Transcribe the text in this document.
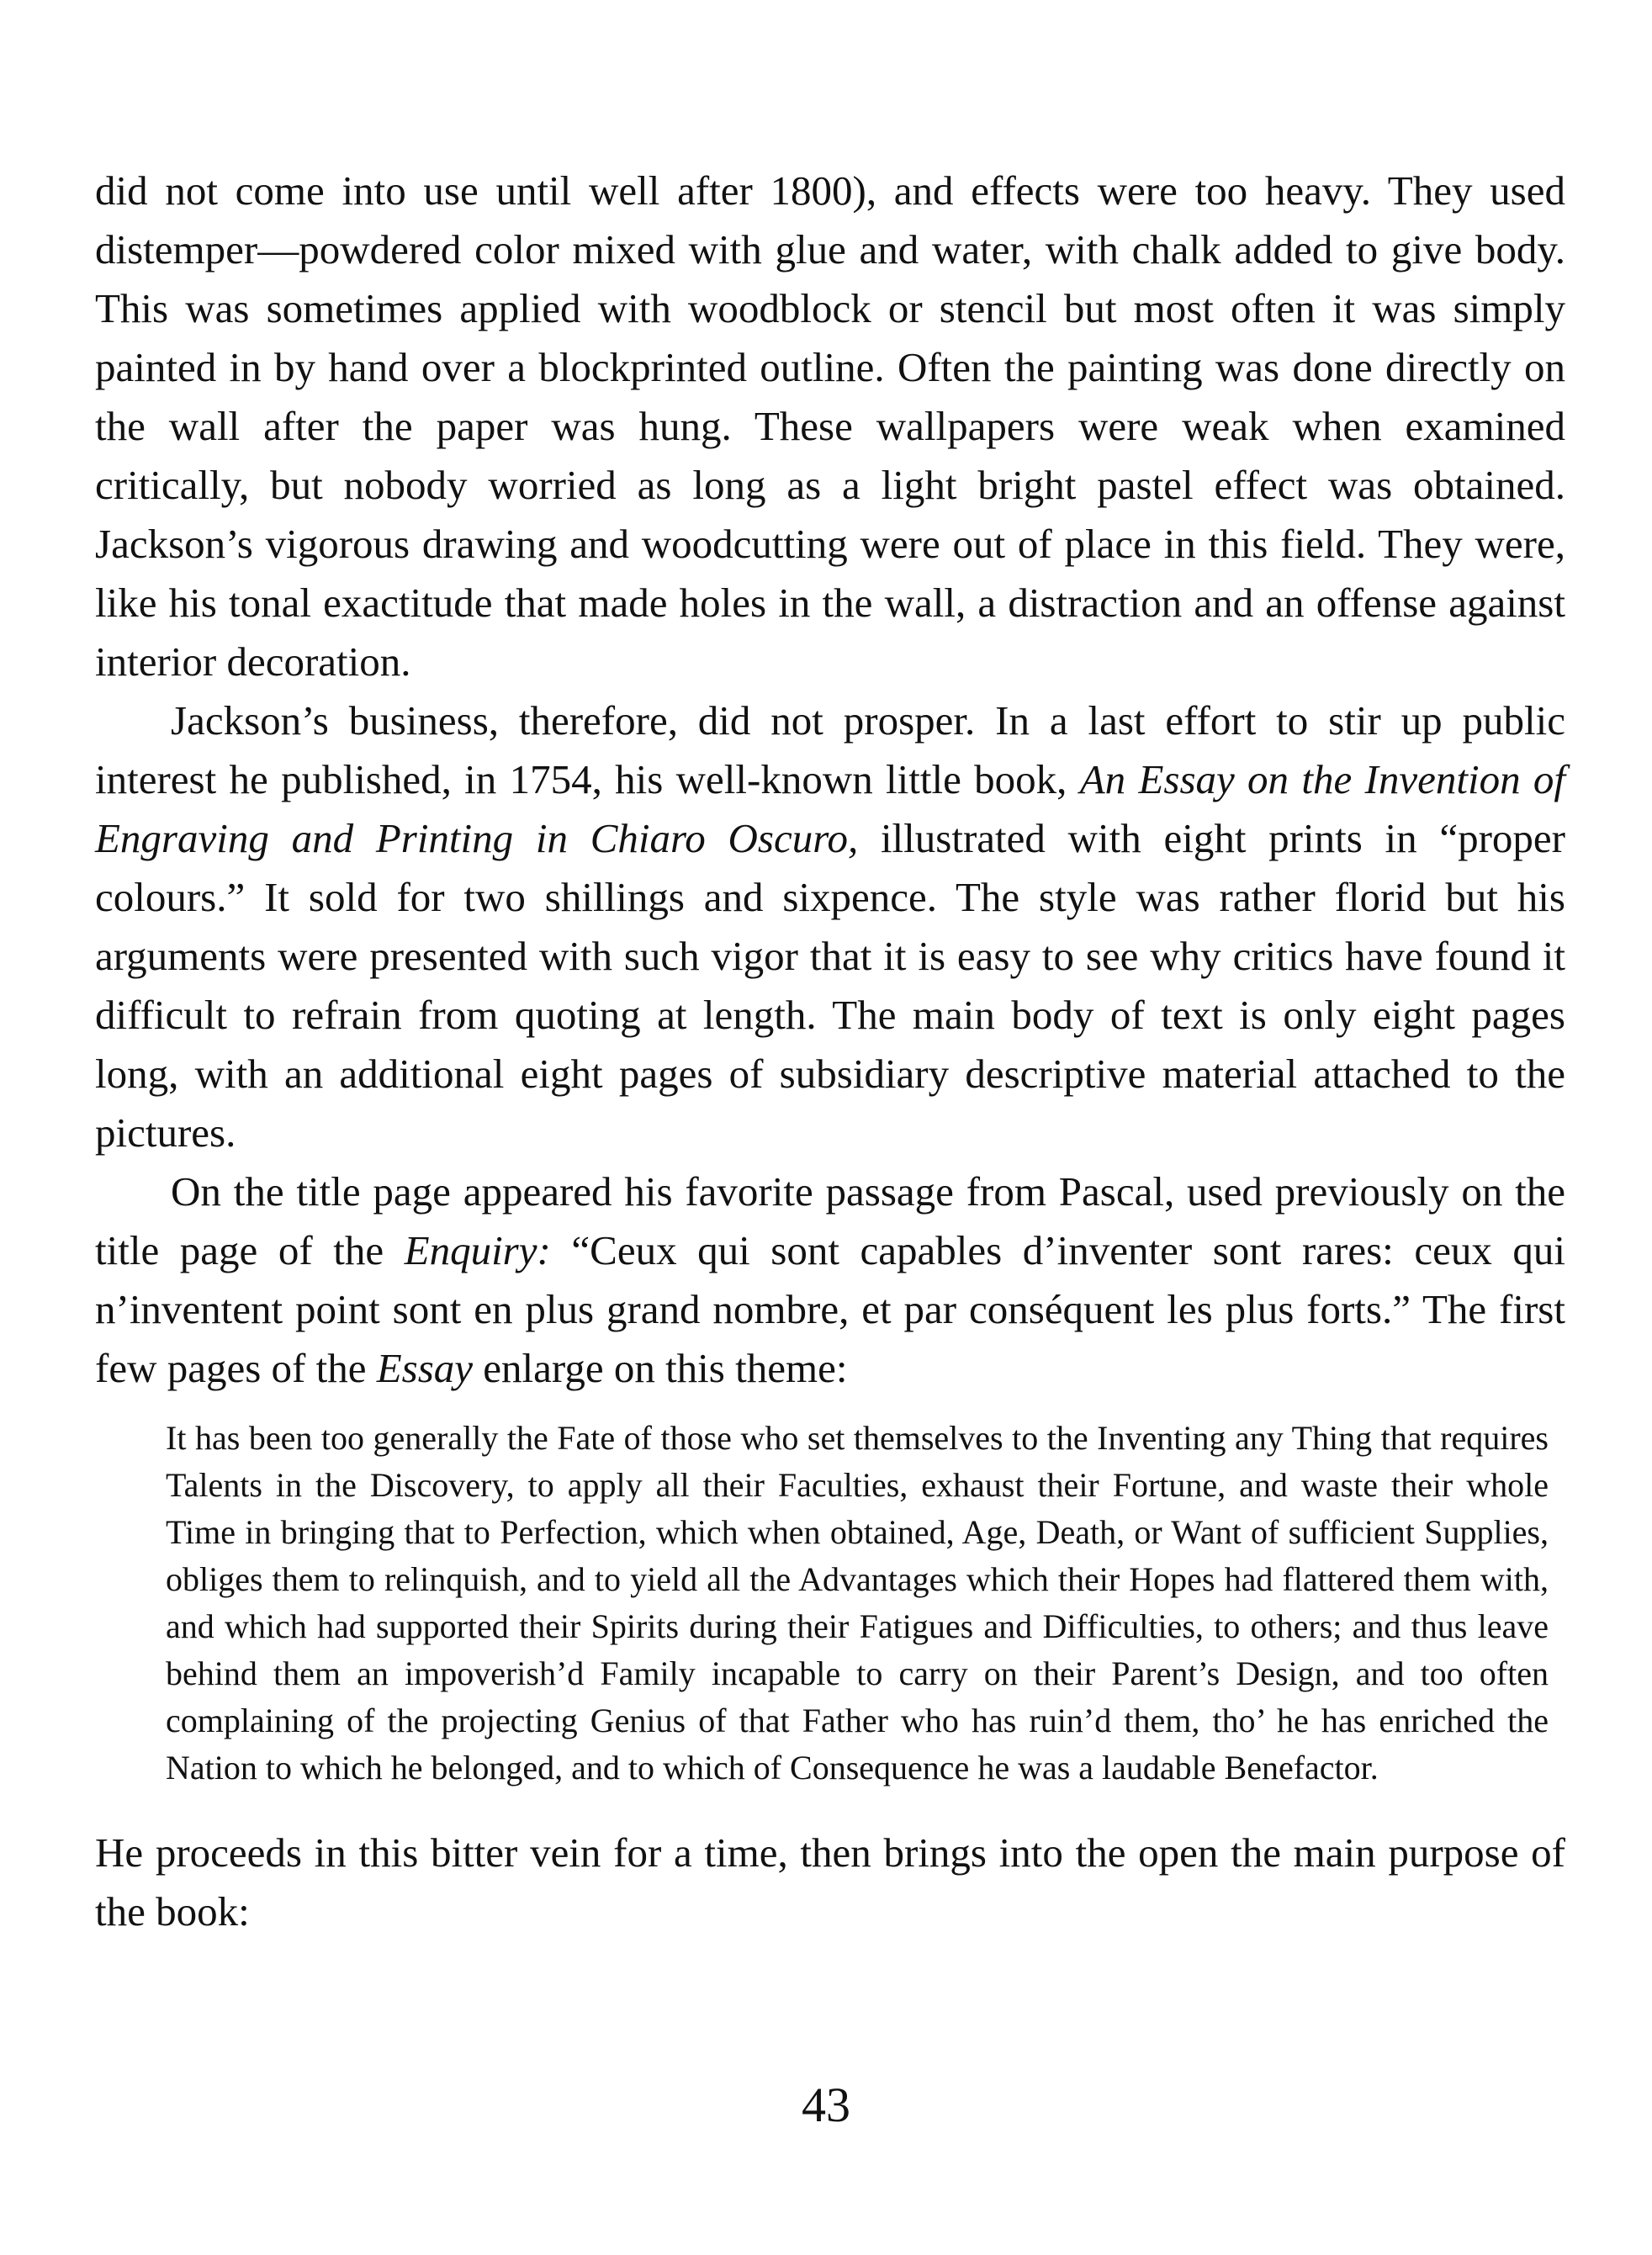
did not come into use until well after 1800), and effects were too heavy. They used distemper—powdered color mixed with glue and water, with chalk added to give body. This was sometimes applied with woodblock or stencil but most often it was simply painted in by hand over a blockprinted outline. Often the painting was done directly on the wall after the paper was hung. These wallpapers were weak when examined critically, but nobody worried as long as a light bright pastel effect was obtained. Jackson’s vigorous drawing and woodcutting were out of place in this field. They were, like his tonal exactitude that made holes in the wall, a distraction and an offense against interior decoration.

Jackson’s business, therefore, did not prosper. In a last effort to stir up public interest he published, in 1754, his well-known little book, An Essay on the Invention of Engraving and Printing in Chiaro Oscuro, illustrated with eight prints in “proper colours.” It sold for two shillings and sixpence. The style was rather florid but his arguments were presented with such vigor that it is easy to see why critics have found it difficult to refrain from quoting at length. The main body of text is only eight pages long, with an additional eight pages of subsidiary descriptive material attached to the pictures.

On the title page appeared his favorite passage from Pascal, used previously on the title page of the Enquiry: “Ceux qui sont capables d’inventer sont rares: ceux qui n’inventent point sont en plus grand nombre, et par conséquent les plus forts.” The first few pages of the Essay enlarge on this theme:

It has been too generally the Fate of those who set themselves to the Inventing any Thing that requires Talents in the Discovery, to apply all their Faculties, exhaust their Fortune, and waste their whole Time in bringing that to Perfection, which when obtained, Age, Death, or Want of sufficient Supplies, obliges them to relinquish, and to yield all the Advantages which their Hopes had flattered them with, and which had supported their Spirits during their Fatigues and Difficulties, to others; and thus leave behind them an impoverish’d Family incapable to carry on their Parent’s Design, and too often complaining of the projecting Genius of that Father who has ruin’d them, tho’ he has enriched the Nation to which he belonged, and to which of Consequence he was a laudable Benefactor.

He proceeds in this bitter vein for a time, then brings into the open the main purpose of the book:

43
